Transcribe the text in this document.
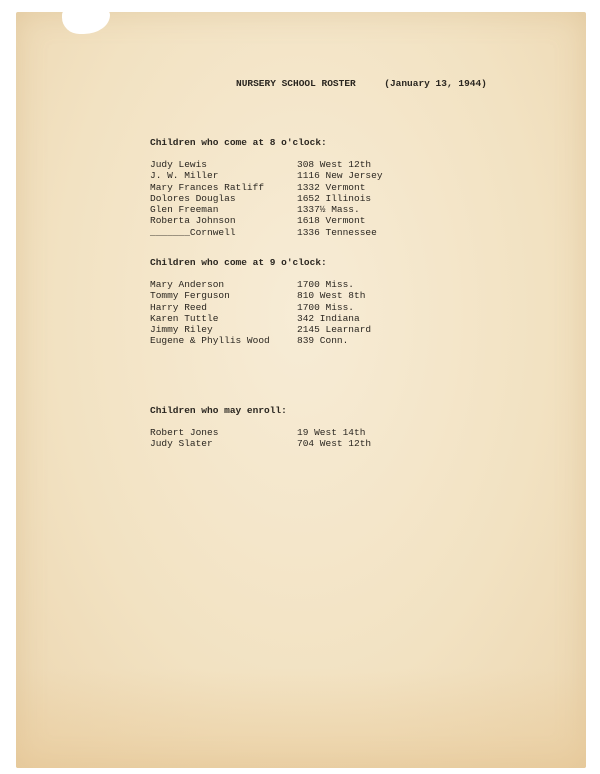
NURSERY SCHOOL ROSTER	(January 13, 1944)
Children who come at 8 o'clock:
Judy Lewis	308 West 12th
J. W. Miller	1116 New Jersey
Mary Frances Ratliff	1332 Vermont
Dolores Douglas	1652 Illinois
Glen Freeman	1337½ Mass.
Roberta Johnson	1618 Vermont
_______Cornwell	1336 Tennessee
Children who come at 9 o'clock:
Mary Anderson	1700 Miss.
Tommy Ferguson	810 West 8th
Harry Reed	1700 Miss.
Karen Tuttle	342 Indiana
Jimmy Riley	2145 Learnard
Eugene & Phyllis Wood	839 Conn.
Children who may enroll:
Robert Jones	19 West 14th
Judy Slater	704 West 12th
